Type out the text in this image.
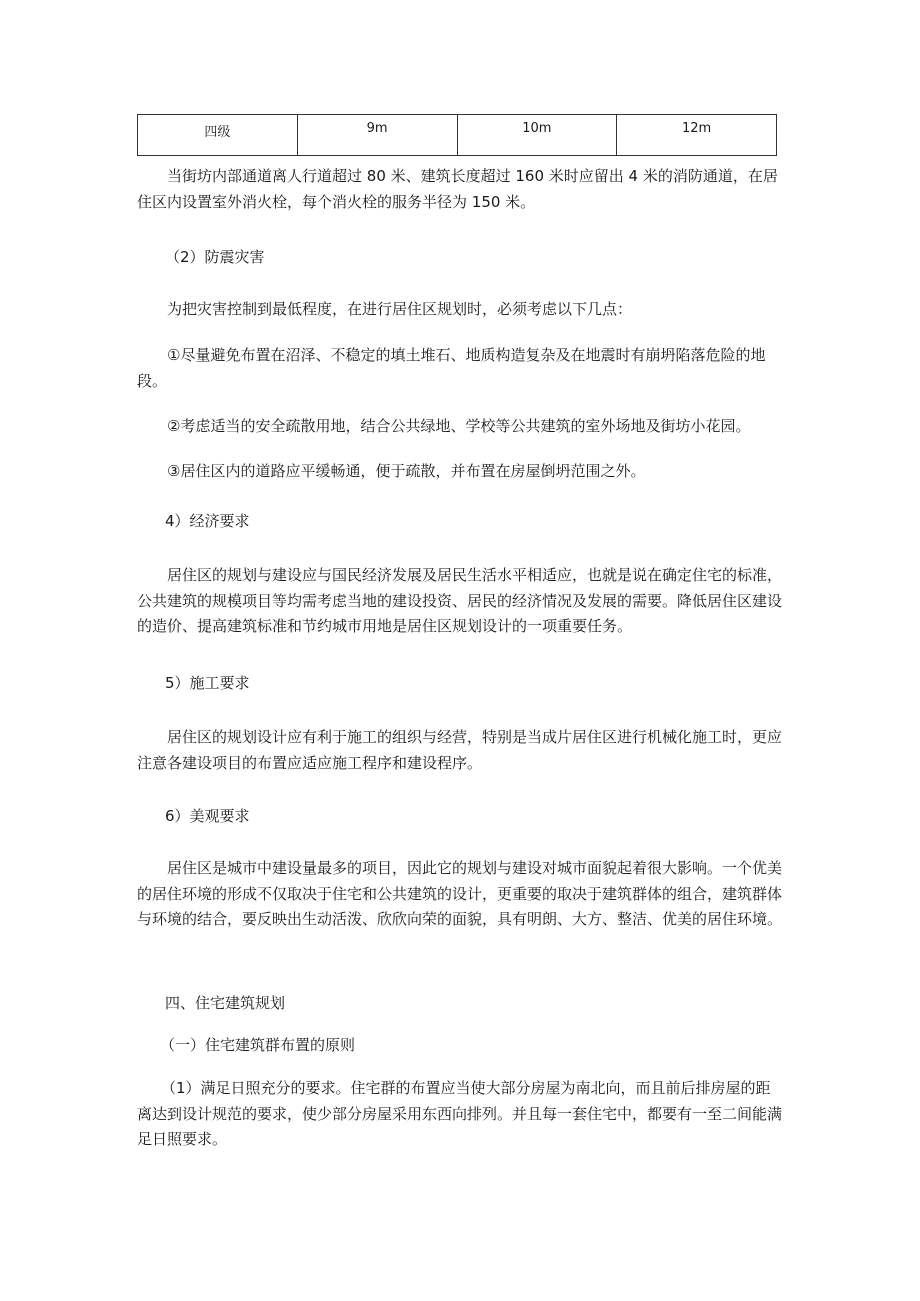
四级	9m	10m	12m

当街坊内部通道离人行道超过 80 米、建筑长度超过 160 米时应留出 4 米的消防通道，在居住区内设置室外消火栓，每个消火栓的服务半径为 150 米。

（2）防震灾害

为把灾害控制到最低程度，在进行居住区规划时，必须考虑以下几点：

①尽量避免布置在沼泽、不稳定的填土堆石、地质构造复杂及在地震时有崩坍陷落危险的地段。

②考虑适当的安全疏散用地，结合公共绿地、学校等公共建筑的室外场地及街坊小花园。

③居住区内的道路应平缓畅通，便于疏散，并布置在房屋倒坍范围之外。

4）经济要求

居住区的规划与建设应与国民经济发展及居民生活水平相适应，也就是说在确定住宅的标准，公共建筑的规模项目等均需考虑当地的建设投资、居民的经济情况及发展的需要。降低居住区建设的造价、提高建筑标准和节约城市用地是居住区规划设计的一项重要任务。

5）施工要求

居住区的规划设计应有利于施工的组织与经营，特别是当成片居住区进行机械化施工时，更应注意各建设项目的布置应适应施工程序和建设程序。

6）美观要求

居住区是城市中建设量最多的项目，因此它的规划与建设对城市面貌起着很大影响。一个优美的居住环境的形成不仅取决于住宅和公共建筑的设计，更重要的取决于建筑群体的组合，建筑群体与环境的结合，要反映出生动活泼、欣欣向荣的面貌，具有明朗、大方、整洁、优美的居住环境。

四、住宅建筑规划

（一）住宅建筑群布置的原则

（1）满足日照充分的要求。住宅群的布置应当使大部分房屋为南北向，而且前后排房屋的距离达到设计规范的要求，使少部分房屋采用东西向排列。并且每一套住宅中，都要有一至二间能满足日照要求。
